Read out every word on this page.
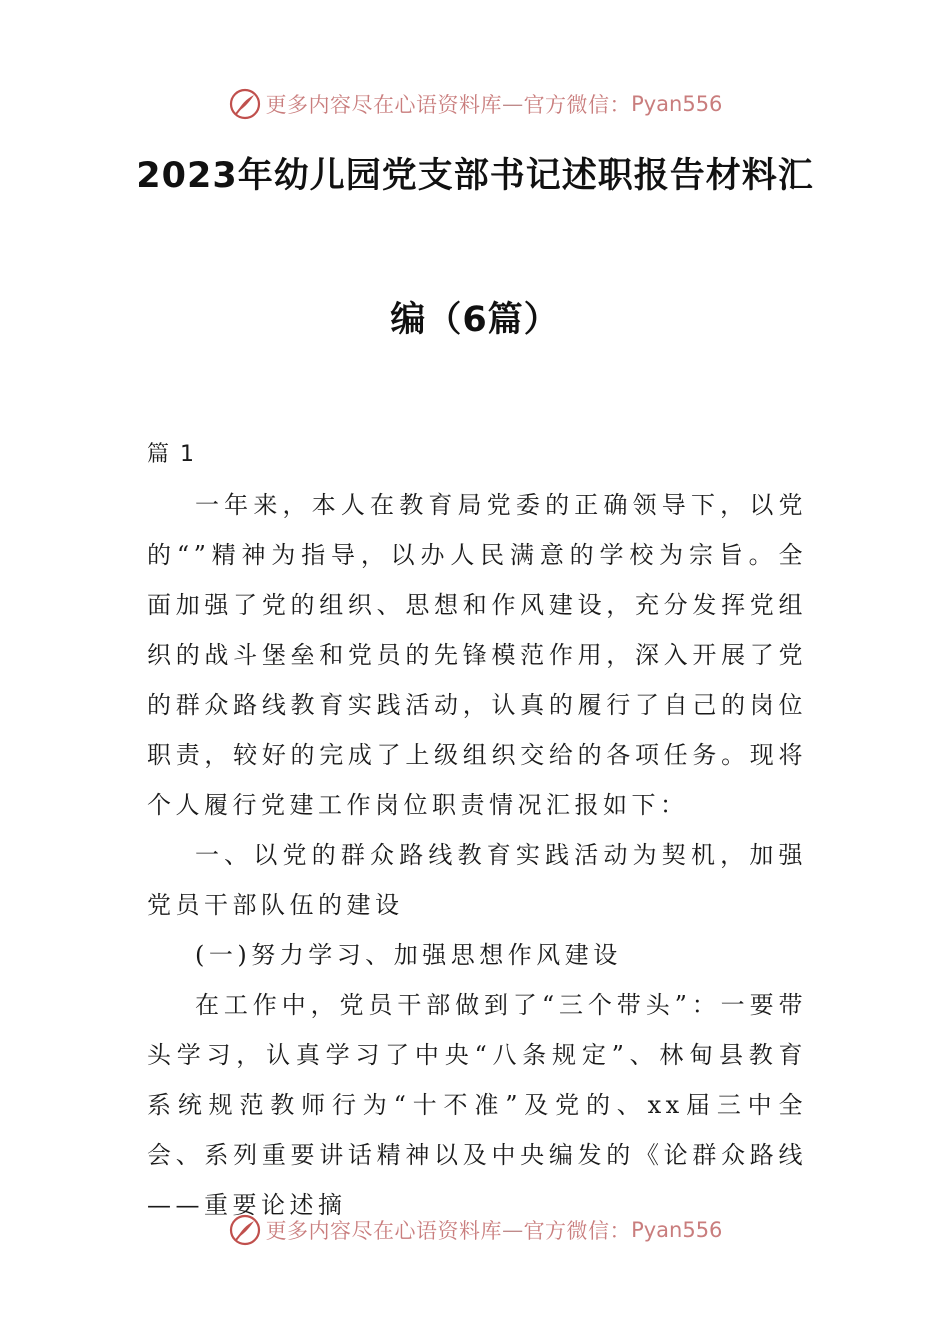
更多内容尽在心语资料库 — 官方微信： Pyan556
2023年幼儿园党支部书记述职报告材料汇
编（6篇）
篇 1

一年来，本人在教育局党委的正确领导下，以党的“”精神为指导，以办人民满意的学校为宗旨。全面加强了党的组织、思想和作风建设，充分发挥党组织的战斗堡垒和党员的先锋模范作用，深入开展了党的群众路线教育实践活动，认真的履行了自己的岗位职责，较好的完成了上级组织交给的各项任务。现将个人履行党建工作岗位职责情况汇报如下：

一、以党的群众路线教育实践活动为契机，加强党员干部队伍的建设

(一)努力学习、加强思想作风建设

在工作中，党员干部做到了“三个带头”：一要带头学习，认真学习了中央“八条规定”、林甸县教育系统规范教师行为“十不准”及党的、xx届三中全会、系列重要讲话精神以及中央编发的《论群众路线——重要论述摘

更多内容尽在心语资料库 — 官方微信： Pyan556
